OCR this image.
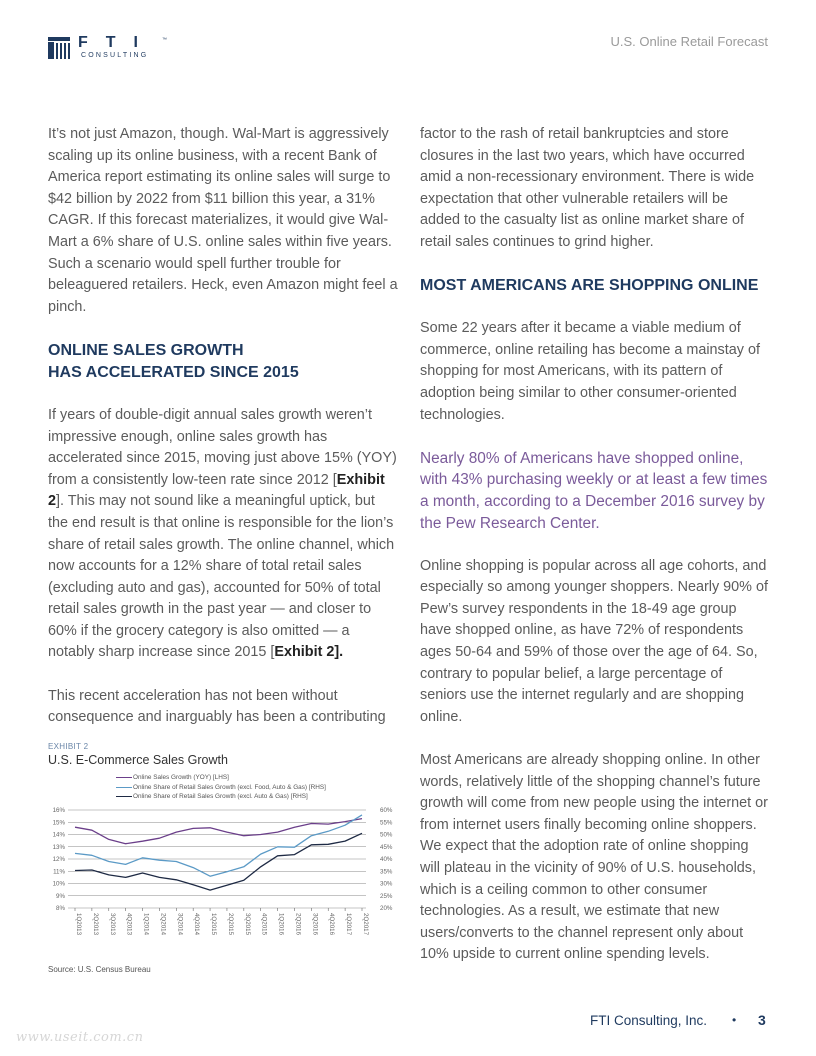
FTI ™
CONSULTING
U.S. Online Retail Forecast

It’s not just Amazon, though. Wal-Mart is aggressively scaling up its online business, with a recent Bank of America report estimating its online sales will surge to $42 billion by 2022 from $11 billion this year, a 31% CAGR. If this forecast materializes, it would give Wal-Mart a 6% share of U.S. online sales within five years. Such a scenario would spell further trouble for beleaguered retailers. Heck, even Amazon might feel a pinch.

ONLINE SALES GROWTH
HAS ACCELERATED SINCE 2015

If years of double-digit annual sales growth weren’t impressive enough, online sales growth has accelerated since 2015, moving just above 15% (YOY) from a consistently low-teen rate since 2012 [Exhibit 2]. This may not sound like a meaningful uptick, but the end result is that online is responsible for the lion’s share of retail sales growth. The online channel, which now accounts for a 12% share of total retail sales (excluding auto and gas), accounted for 50% of total retail sales growth in the past year — and closer to 60% if the grocery category is also omitted — a notably sharp increase since 2015 [Exhibit 2].

This recent acceleration has not been without consequence and inarguably has been a contributing

factor to the rash of retail bankruptcies and store closures in the last two years, which have occurred amid a non-recessionary environment. There is wide expectation that other vulnerable retailers will be added to the casualty list as online market share of retail sales continues to grind higher.

MOST AMERICANS ARE SHOPPING ONLINE

Some 22 years after it became a viable medium of commerce, online retailing has become a mainstay of shopping for most Americans, with its pattern of adoption being similar to other consumer-oriented technologies.

Nearly 80% of Americans have shopped online, with 43% purchasing weekly or at least a few times a month, according to a December 2016 survey by the Pew Research Center.

Online shopping is popular across all age cohorts, and especially so among younger shoppers. Nearly 90% of Pew’s survey respondents in the 18-49 age group have shopped online, as have 72% of respondents ages 50-64 and 59% of those over the age of 64. So, contrary to popular belief, a large percentage of seniors use the internet regularly and are shopping online.

Most Americans are already shopping online. In other words, relatively little of the shopping channel’s future growth will come from new people using the internet or from internet users finally becoming online shoppers. We expect that the adoption rate of online shopping will plateau in the vicinity of 90% of U.S. households, which is a ceiling common to other consumer technologies. As a result, we estimate that new users/converts to the channel represent only about 10% upside to current online spending levels.

EXHIBIT 2
U.S. E-Commerce Sales Growth
Online Sales Growth (YOY) [LHS]
Online Share of Retail Sales Growth (excl. Food, Auto & Gas) [RHS]
Online Share of Retail Sales Growth (excl. Auto & Gas) [RHS]
8%
9%
10%
11%
12%
13%
14%
15%
16%
20%
25%
30%
35%
40%
45%
50%
55%
60%
1Q2013 2Q2013 3Q2013 4Q2013 1Q2014 2Q2014 3Q2014 4Q2014 1Q2015 2Q2015 3Q2015 4Q2015 1Q2016 2Q2016 3Q2016 4Q2016 1Q2017 2Q2017
Source: U.S. Census Bureau
FTI Consulting, Inc. • 3
www.useit.com.cn
